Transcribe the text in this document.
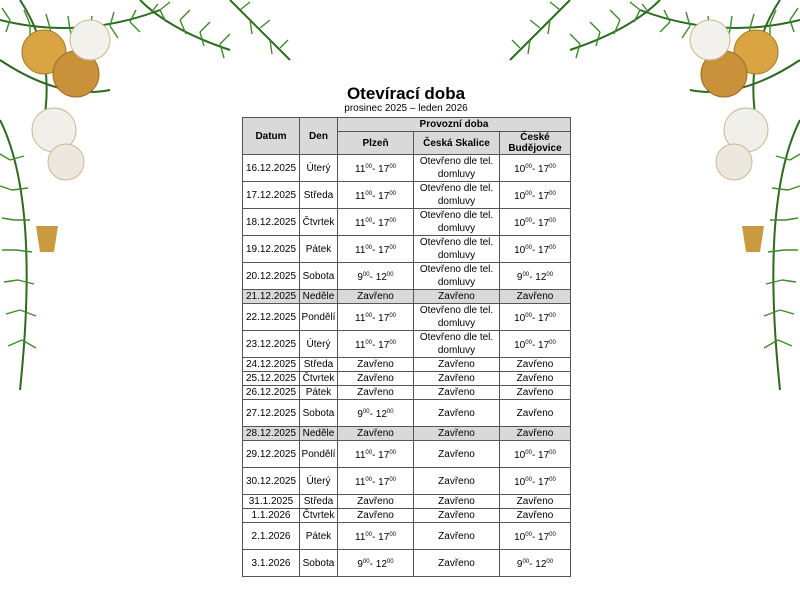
Otevírací doba
prosinec 2025 – leden 2026
Datum	Den	Provozní doba		
		Plzeň	Česká Skalice	České Budějovice
16.12.2025	Úterý	$11^{00}-$ $17^{00}$	Otevřeno dle tel. domluvy	$10^{00}-$ $17^{00}$
17.12.2025	Středa	$11^{00}-$ $17^{00}$	Otevřeno dle tel. domluvy	$10^{00}-$ $17^{00}$
18.12.2025	Čtvrtek	$11^{00}-$ $17^{00}$	Otevřeno dle tel. domluvy	$10^{00}-$ $17^{00}$
19.12.2025	Pátek	$11^{00}-$ $17^{00}$	Otevřeno dle tel. domluvy	$10^{00}-$ $17^{00}$
20.12.2025	Sobota	$9^{00}-$ $12^{00}$	Otevřeno dle tel. domluvy	$9^{00}-$ $12^{00}$
21.12.2025	Neděle	Zavřeno	Zavřeno	Zavřeno
22.12.2025	Pondělí	$11^{00}-$ $17^{00}$	Otevřeno dle tel. domluvy	$10^{00}-$ $17^{00}$
23.12.2025	Úterý	$11^{00}-$ $17^{00}$	Otevřeno dle tel. domluvy	$10^{00}-$ $17^{00}$
24.12.2025	Středa	Zavřeno	Zavřeno	Zavřeno
25.12.2025	Čtvrtek	Zavřeno	Zavřeno	Zavřeno
26.12.2025	Pátek	Zavřeno	Zavřeno	Zavřeno
27.12.2025	Sobota	$9^{00}-$ $12^{00}$	Zavřeno	Zavřeno
28.12.2025	Neděle	Zavřeno	Zavřeno	Zavřeno
29.12.2025	Pondělí	$11^{00}-$ $17^{00}$	Zavřeno	$10^{00}-$ $17^{00}$
30.12.2025	Úterý	$11^{00}-$ $17^{00}$	Zavřeno	$10^{00}-$ $17^{00}$
31.1.2025	Středa	Zavřeno	Zavřeno	Zavřeno
1.1.2026	Čtvrtek	Zavřeno	Zavřeno	Zavřeno
2.1.2026	Pátek	$11^{00}-$ $17^{00}$	Zavřeno	$10^{00}-$ $17^{00}$
3.1.2026	Sobota	$9^{00}-$ $12^{00}$	Zavřeno	$9^{00}-$ $12^{00}$
